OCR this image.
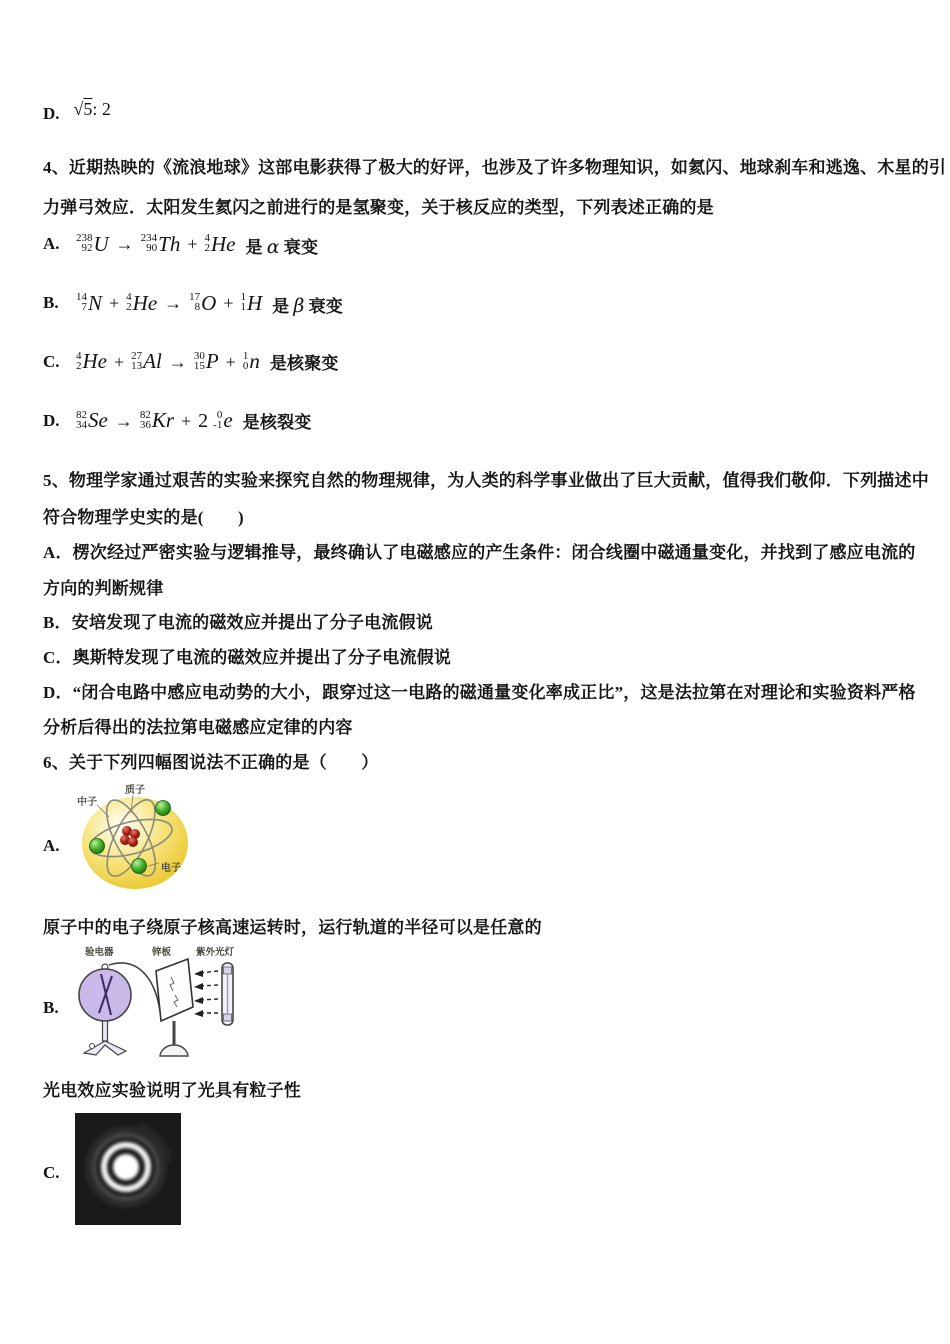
D. √ 5 : 2
4、近期热映的《流浪地球》这部电影获得了极大的好评，也涉及了许多物理知识，如氦闪、地球刹车和逃逸、木星的引
力弹弓效应．太阳发生氦闪之前进行的是氢聚变，关于核反应的类型，下列表述正确的是
A.	238
92 U → 234
90 Th + 4
2 He 是 α 衰变
B.	14
7 N + 4
2 He → 17
8 O + 1
1 H 是 β 衰变
C.	4
2 He + 27
13 Al → 30
15 P + 1
0 n 是核聚变
D.	82
34 Se → 82
36 Kr + 2 0
-1 e 是核裂变
5、物理学家通过艰苦的实验来探究自然的物理规律，为人类的科学事业做出了巨大贡献，值得我们敬仰．下列描述中
符合物理学史实的是(　　)
A．楞次经过严密实验与逻辑推导，最终确认了电磁感应的产生条件：闭合线圈中磁通量变化，并找到了感应电流的
方向的判断规律
B．安培发现了电流的磁效应并提出了分子电流假说
C．奥斯特发现了电流的磁效应并提出了分子电流假说
D．“闭合电路中感应电动势的大小，跟穿过这一电路的磁通量变化率成正比”，这是法拉第在对理论和实验资料严格
分析后得出的法拉第电磁感应定律的内容
6、关于下列四幅图说法不正确的是（　　）
A.
质子
中子
电子
原子中的电子绕原子核高速运转时，运行轨道的半径可以是任意的
B.
验电器	锌板	紫外光灯
光电效应实验说明了光具有粒子性
C.
